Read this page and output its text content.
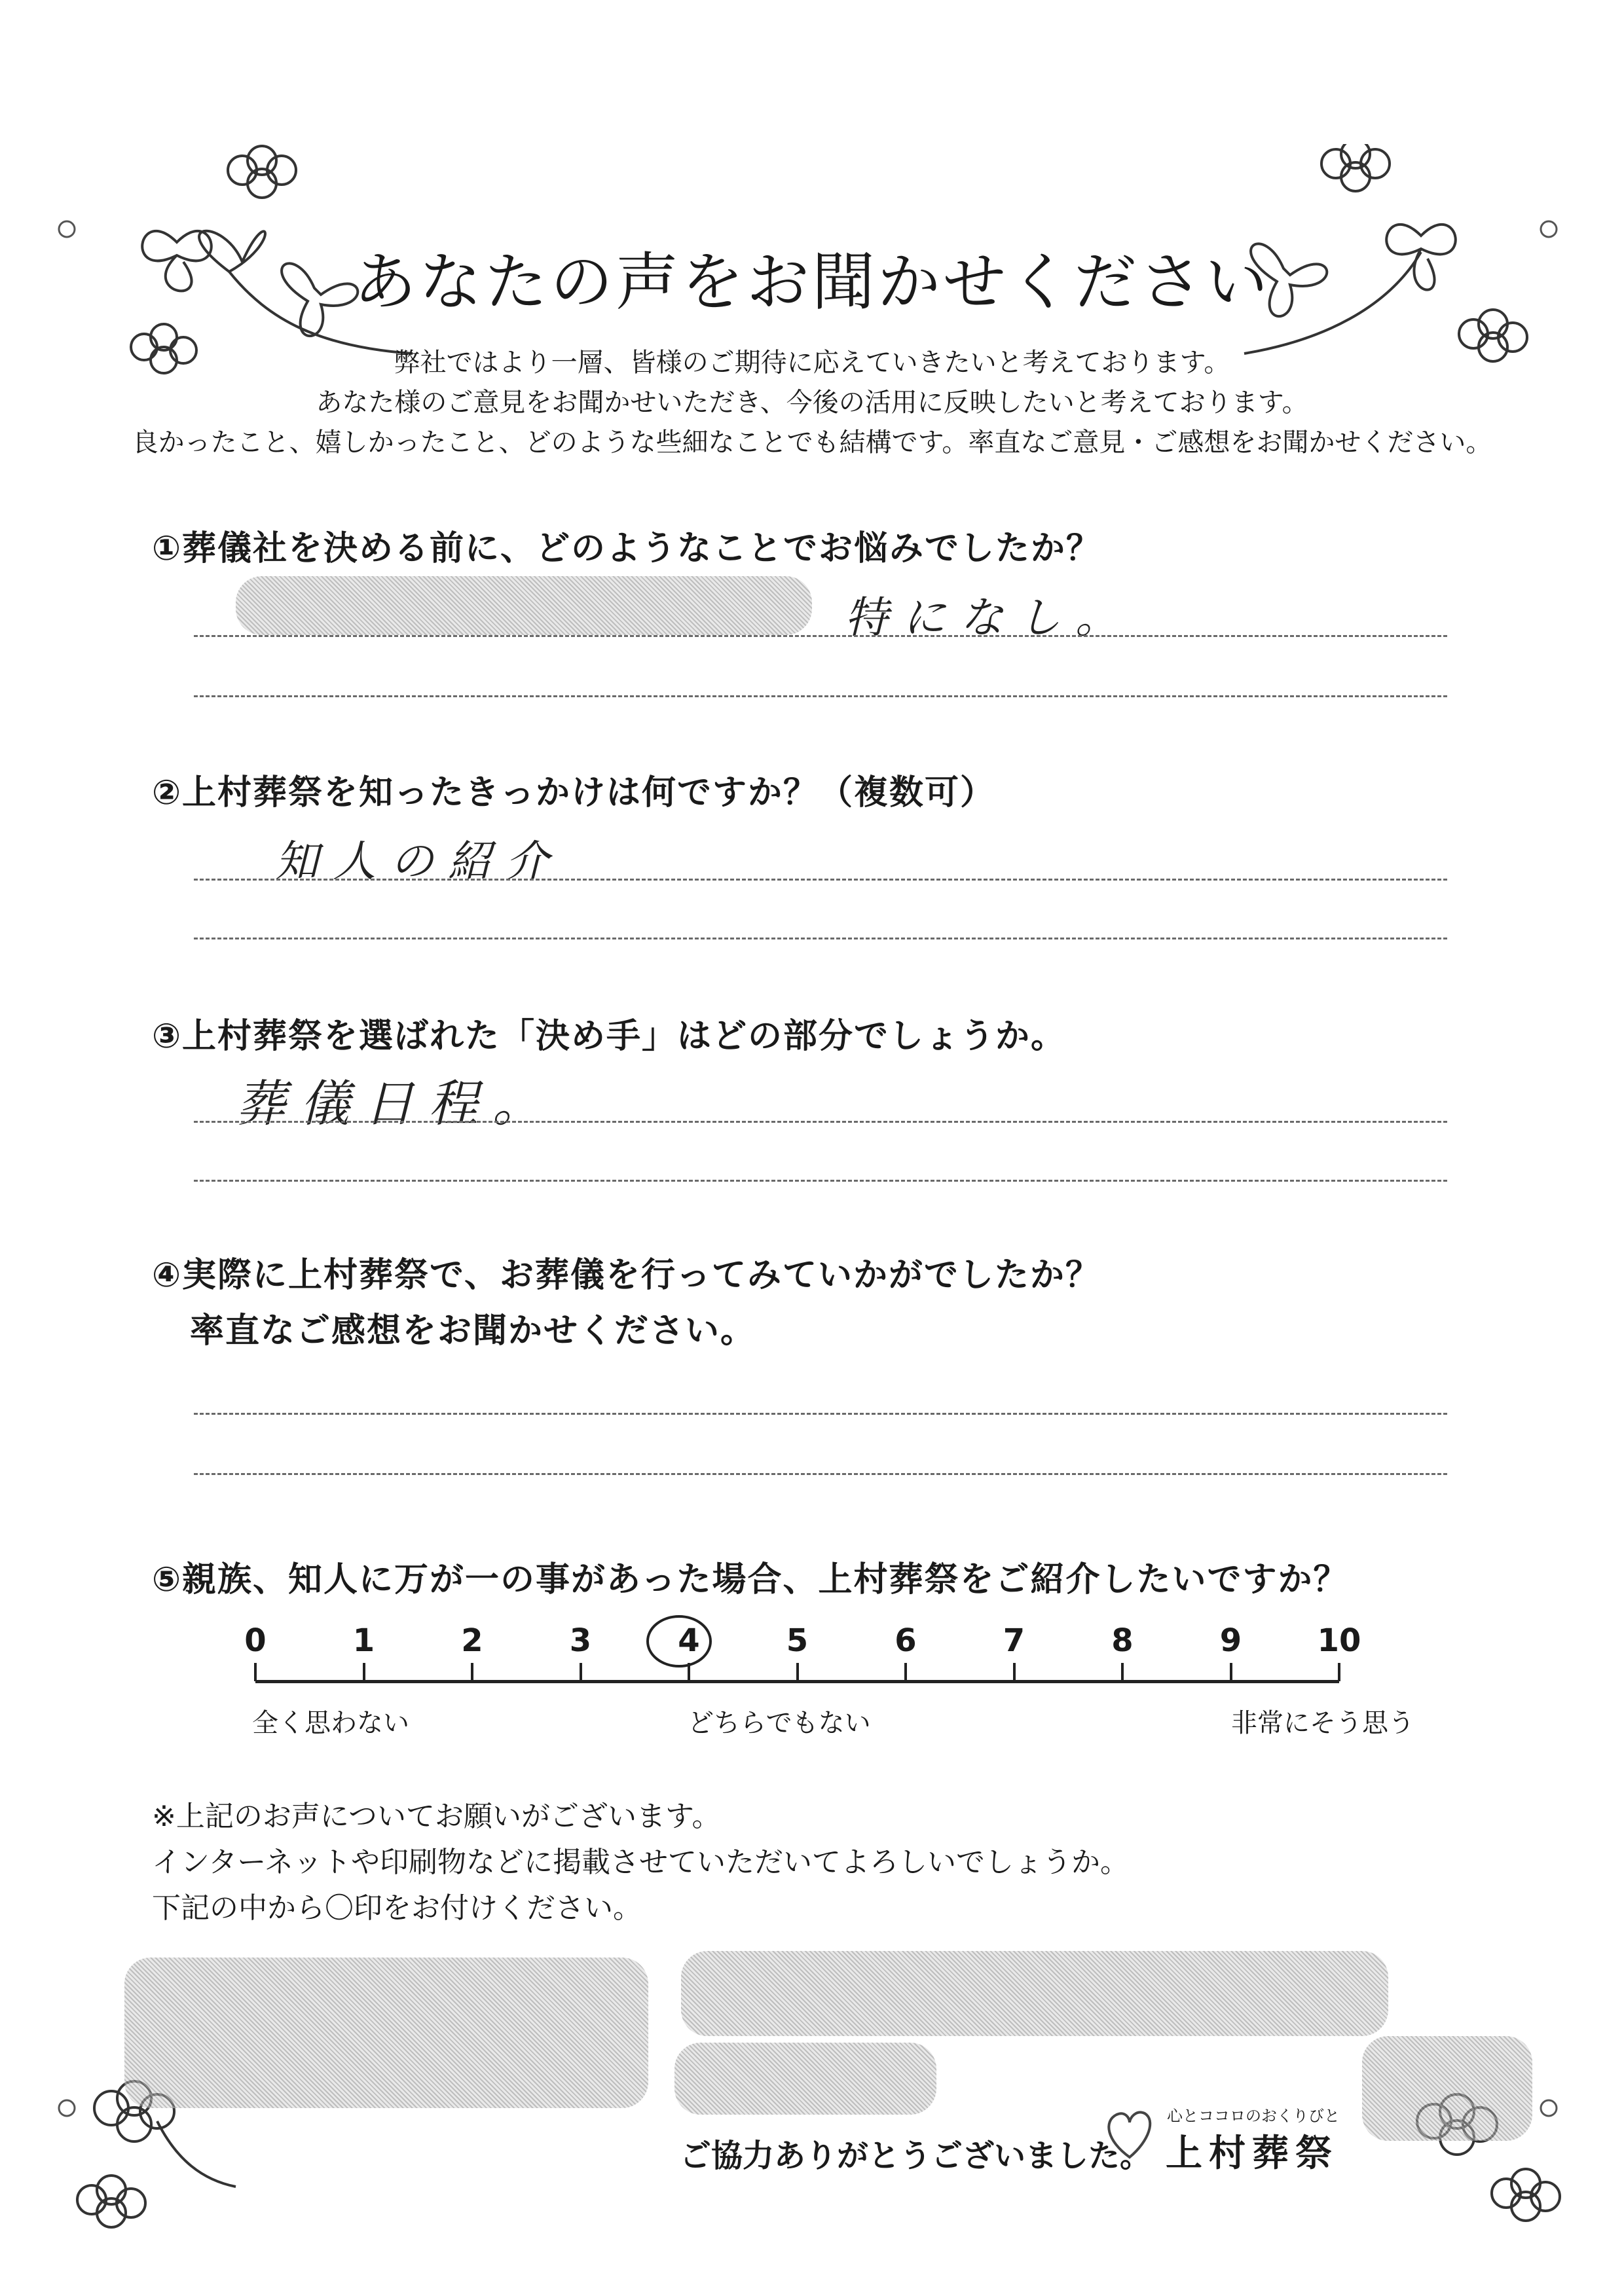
あなたの声をお聞かせください
弊社ではより一層、皆様のご期待に応えていきたいと考えております。
あなた様のご意見をお聞かせいただき、今後の活用に反映したいと考えております。
良かったこと、嬉しかったこと、どのような些細なことでも結構です。率直なご意見・ご感想をお聞かせください。
①葬儀社を決める前に、どのようなことでお悩みでしたか？
特になし。
②上村葬祭を知ったきっかけは何ですか？（複数可）
知人の紹介
③上村葬祭を選ばれた「決め手」はどの部分でしょうか。
葬儀日程。
④実際に上村葬祭で、お葬儀を行ってみていかがでしたか？
率直なご感想をお聞かせください。
⑤親族、知人に万が一の事があった場合、上村葬祭をご紹介したいですか？
0	1	2	3	4	5	6	7	8	9	10
全く思わない	どちらでもない	非常にそう思う
※上記のお声についてお願いがございます。
インターネットや印刷物などに掲載させていただいてよろしいでしょうか。
下記の中から〇印をお付けください。
ご協力ありがとうございました。
心とココロのおくりびと
上村葬祭
